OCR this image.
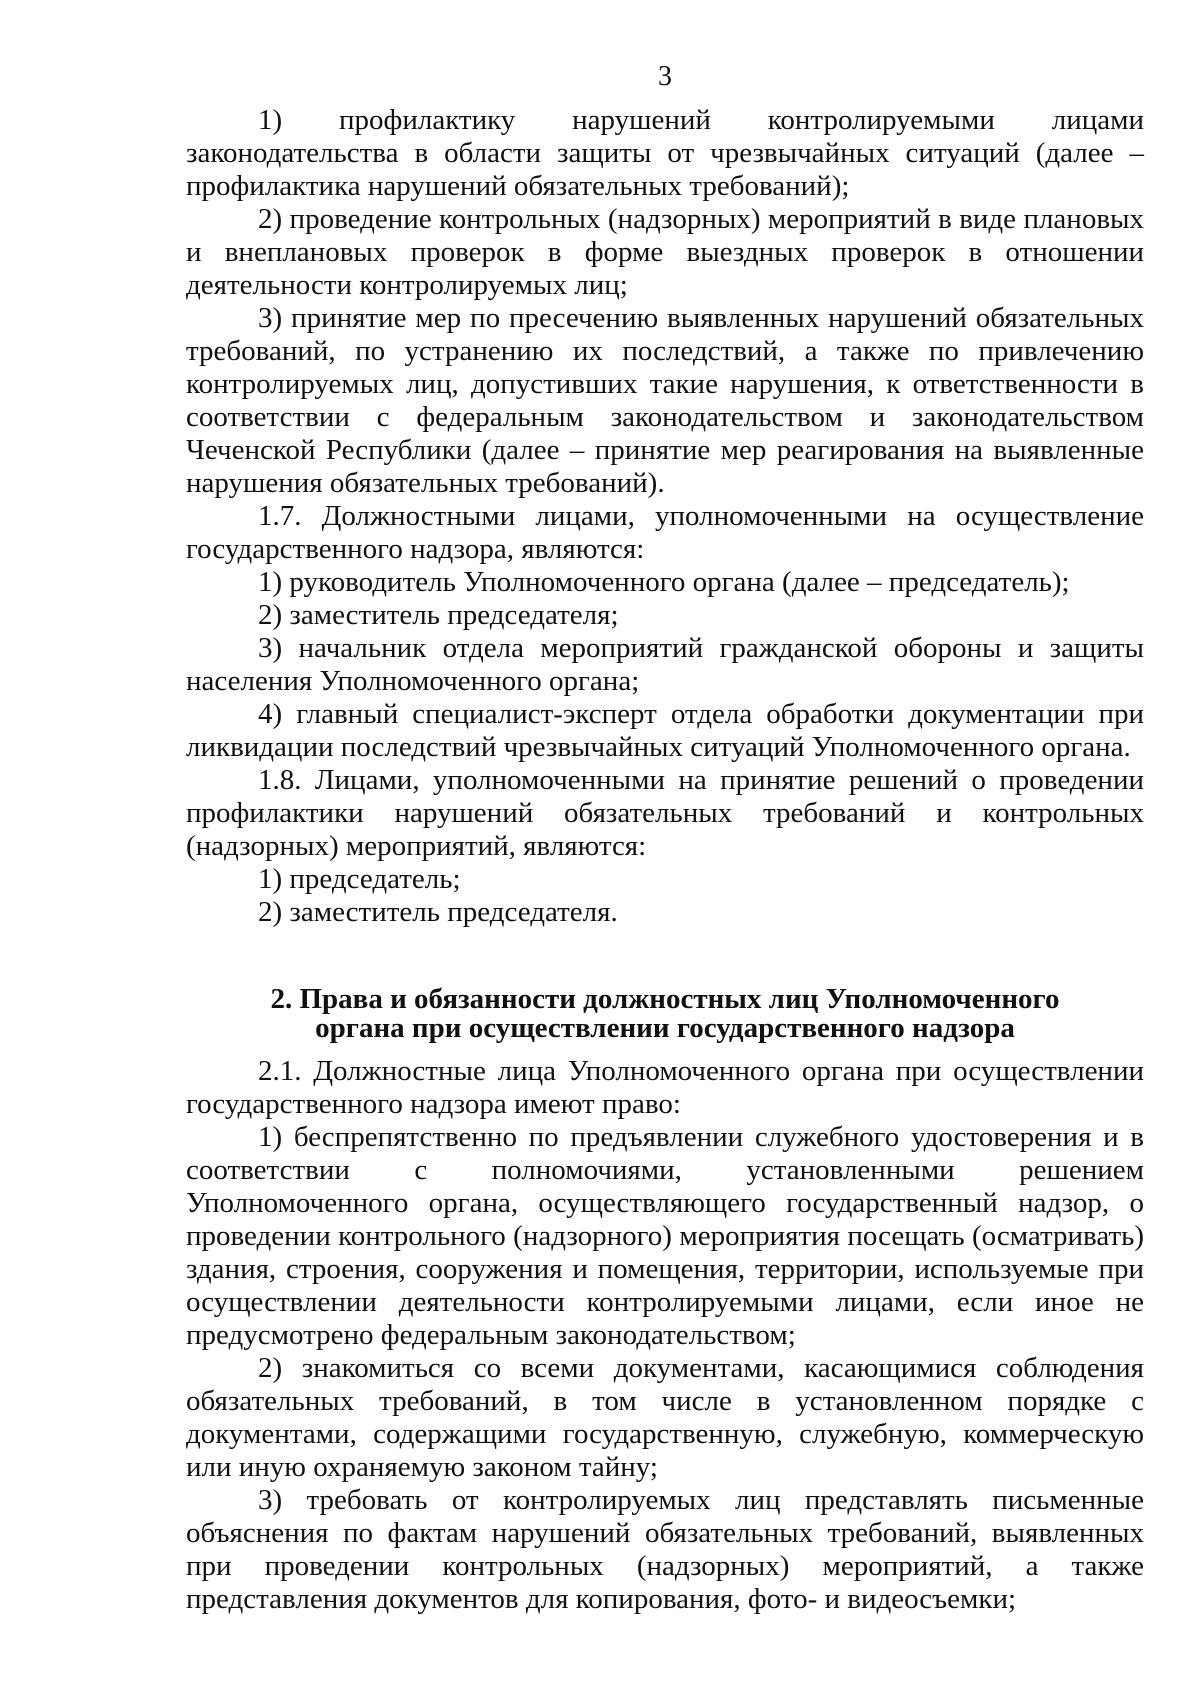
3

1) профилактику нарушений контролируемыми лицами законодательства в области защиты от чрезвычайных ситуаций (далее – профилактика нарушений обязательных требований);

2) проведение контрольных (надзорных) мероприятий в виде плановых и внеплановых проверок в форме выездных проверок в отношении деятельности контролируемых лиц;

3) принятие мер по пресечению выявленных нарушений обязательных требований, по устранению их последствий, а также по привлечению контролируемых лиц, допустивших такие нарушения, к ответственности в соответствии с федеральным законодательством и законодательством Чеченской Республики (далее – принятие мер реагирования на выявленные нарушения обязательных требований).

1.7. Должностными лицами, уполномоченными на осуществление государственного надзора, являются:

1) руководитель Уполномоченного органа (далее – председатель);

2) заместитель председателя;

3) начальник отдела мероприятий гражданской обороны и защиты населения Уполномоченного органа;

4) главный специалист-эксперт отдела обработки документации при ликвидации последствий чрезвычайных ситуаций Уполномоченного органа.

1.8. Лицами, уполномоченными на принятие решений о проведении профилактики нарушений обязательных требований и контрольных (надзорных) мероприятий, являются:

1) председатель;

2) заместитель председателя.

2. Права и обязанности должностных лиц Уполномоченного
органа при осуществлении государственного надзора

2.1. Должностные лица Уполномоченного органа при осуществлении государственного надзора имеют право:

1) беспрепятственно по предъявлении служебного удостоверения и в соответствии с полномочиями, установленными решением Уполномоченного органа, осуществляющего государственный надзор, о проведении контрольного (надзорного) мероприятия посещать (осматривать) здания, строения, сооружения и помещения, территории, используемые при осуществлении деятельности контролируемыми лицами, если иное не предусмотрено федеральным законодательством;

2) знакомиться со всеми документами, касающимися соблюдения обязательных требований, в том числе в установленном порядке с документами, содержащими государственную, служебную, коммерческую или иную охраняемую законом тайну;

3) требовать от контролируемых лиц представлять письменные объяснения по фактам нарушений обязательных требований, выявленных при проведении контрольных (надзорных) мероприятий, а также представления документов для копирования, фото- и видеосъемки;
